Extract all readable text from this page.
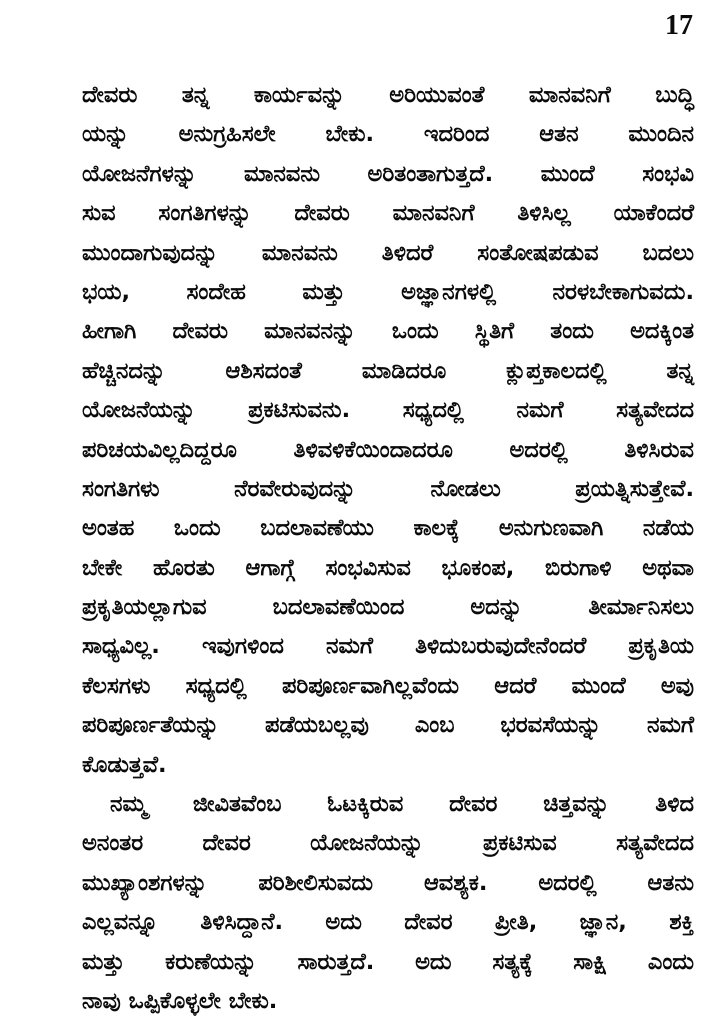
17
ದೇವರು ತನ್ನ ಕಾರ್ಯವನ್ನು ಅರಿಯುವಂತೆ ಮಾನವನಿಗೆ ಬುದ್ಧಿ
ಯನ್ನು ಅನುಗ್ರಹಿಸಲೇ ಬೇಕು. ಇದರಿಂದ ಆತನ ಮುಂದಿನ
ಯೋಜನೆಗಳನ್ನು ಮಾನವನು ಅರಿತಂತಾಗುತ್ತದೆ. ಮುಂದೆ ಸಂಭವಿ
ಸುವ ಸಂಗತಿಗಳನ್ನು ದೇವರು ಮಾನವನಿಗೆ ತಿಳಿಸಿಲ್ಲ ಯಾಕೆಂದರೆ
ಮುಂದಾಗುವುದನ್ನು ಮಾನವನು ತಿಳಿದರೆ ಸಂತೋಷಪಡುವ ಬದಲು
ಭಯ, ಸಂದೇಹ ಮತ್ತು ಅಜ್ಞಾನಗಳಲ್ಲಿ ನರಳಬೇಕಾಗುವದು.
ಹೀಗಾಗಿ ದೇವರು ಮಾನವನನ್ನು ಒಂದು ಸ್ಥಿತಿಗೆ ತಂದು ಅದಕ್ಕಿಂತ
ಹೆಚ್ಚಿನದನ್ನು ಆಶಿಸದಂತೆ ಮಾಡಿದರೂ ಕ್ಲುಪ್ತಕಾಲದಲ್ಲಿ ತನ್ನ
ಯೋಜನೆಯನ್ನು ಪ್ರಕಟಿಸುವನು. ಸಧ್ಯದಲ್ಲಿ ನಮಗೆ ಸತ್ಯವೇದದ
ಪರಿಚಯವಿಲ್ಲದಿದ್ದರೂ ತಿಳಿವಳಿಕೆಯಿಂದಾದರೂ ಅದರಲ್ಲಿ ತಿಳಿಸಿರುವ
ಸಂಗತಿಗಳು ನೆರವೇರುವುದನ್ನು ನೋಡಲು ಪ್ರಯತ್ನಿಸುತ್ತೇವೆ.
ಅಂತಹ ಒಂದು ಬದಲಾವಣೆಯು ಕಾಲಕ್ಕೆ ಅನುಗುಣವಾಗಿ ನಡೆಯ
ಬೇಕೇ ಹೊರತು ಆಗಾಗ್ಗೆ ಸಂಭವಿಸುವ ಭೂಕಂಪ, ಬಿರುಗಾಳಿ ಅಥವಾ
ಪ್ರಕೃತಿಯಲ್ಲಾಗುವ ಬದಲಾವಣೆಯಿಂದ ಅದನ್ನು ತೀರ್ಮಾನಿಸಲು
ಸಾಧ್ಯವಿಲ್ಲ. ಇವುಗಳಿಂದ ನಮಗೆ ತಿಳಿದುಬರುವುದೇನೆಂದರೆ ಪ್ರಕೃತಿಯ
ಕೆಲಸಗಳು ಸಧ್ಯದಲ್ಲಿ ಪರಿಪೂರ್ಣವಾಗಿಲ್ಲವೆಂದು ಆದರೆ ಮುಂದೆ ಅವು
ಪರಿಪೂರ್ಣತೆಯನ್ನು ಪಡೆಯಬಲ್ಲವು ಎಂಬ ಭರವಸೆಯನ್ನು ನಮಗೆ
ಕೊಡುತ್ತವೆ.
ನಮ್ಮ ಜೀವಿತವೆಂಬ ಓಟಕ್ಕಿರುವ ದೇವರ ಚಿತ್ತವನ್ನು ತಿಳಿದ
ಅನಂತರ ದೇವರ ಯೋಜನೆಯನ್ನು ಪ್ರಕಟಿಸುವ ಸತ್ಯವೇದದ
ಮುಖ್ಯಾಂಶಗಳನ್ನು ಪರಿಶೀಲಿಸುವದು ಆವಶ್ಯಕ. ಅದರಲ್ಲಿ ಆತನು
ಎಲ್ಲವನ್ನೂ ತಿಳಿಸಿದ್ದಾನೆ. ಅದು ದೇವರ ಪ್ರೀತಿ, ಜ್ಞಾನ, ಶಕ್ತಿ
ಮತ್ತು ಕರುಣೆಯನ್ನು ಸಾರುತ್ತದೆ. ಅದು ಸತ್ಯಕ್ಕೆ ಸಾಕ್ಷಿ ಎಂದು
ನಾವು ಒಪ್ಪಿಕೊಳ್ಳಲೇ ಬೇಕು.
